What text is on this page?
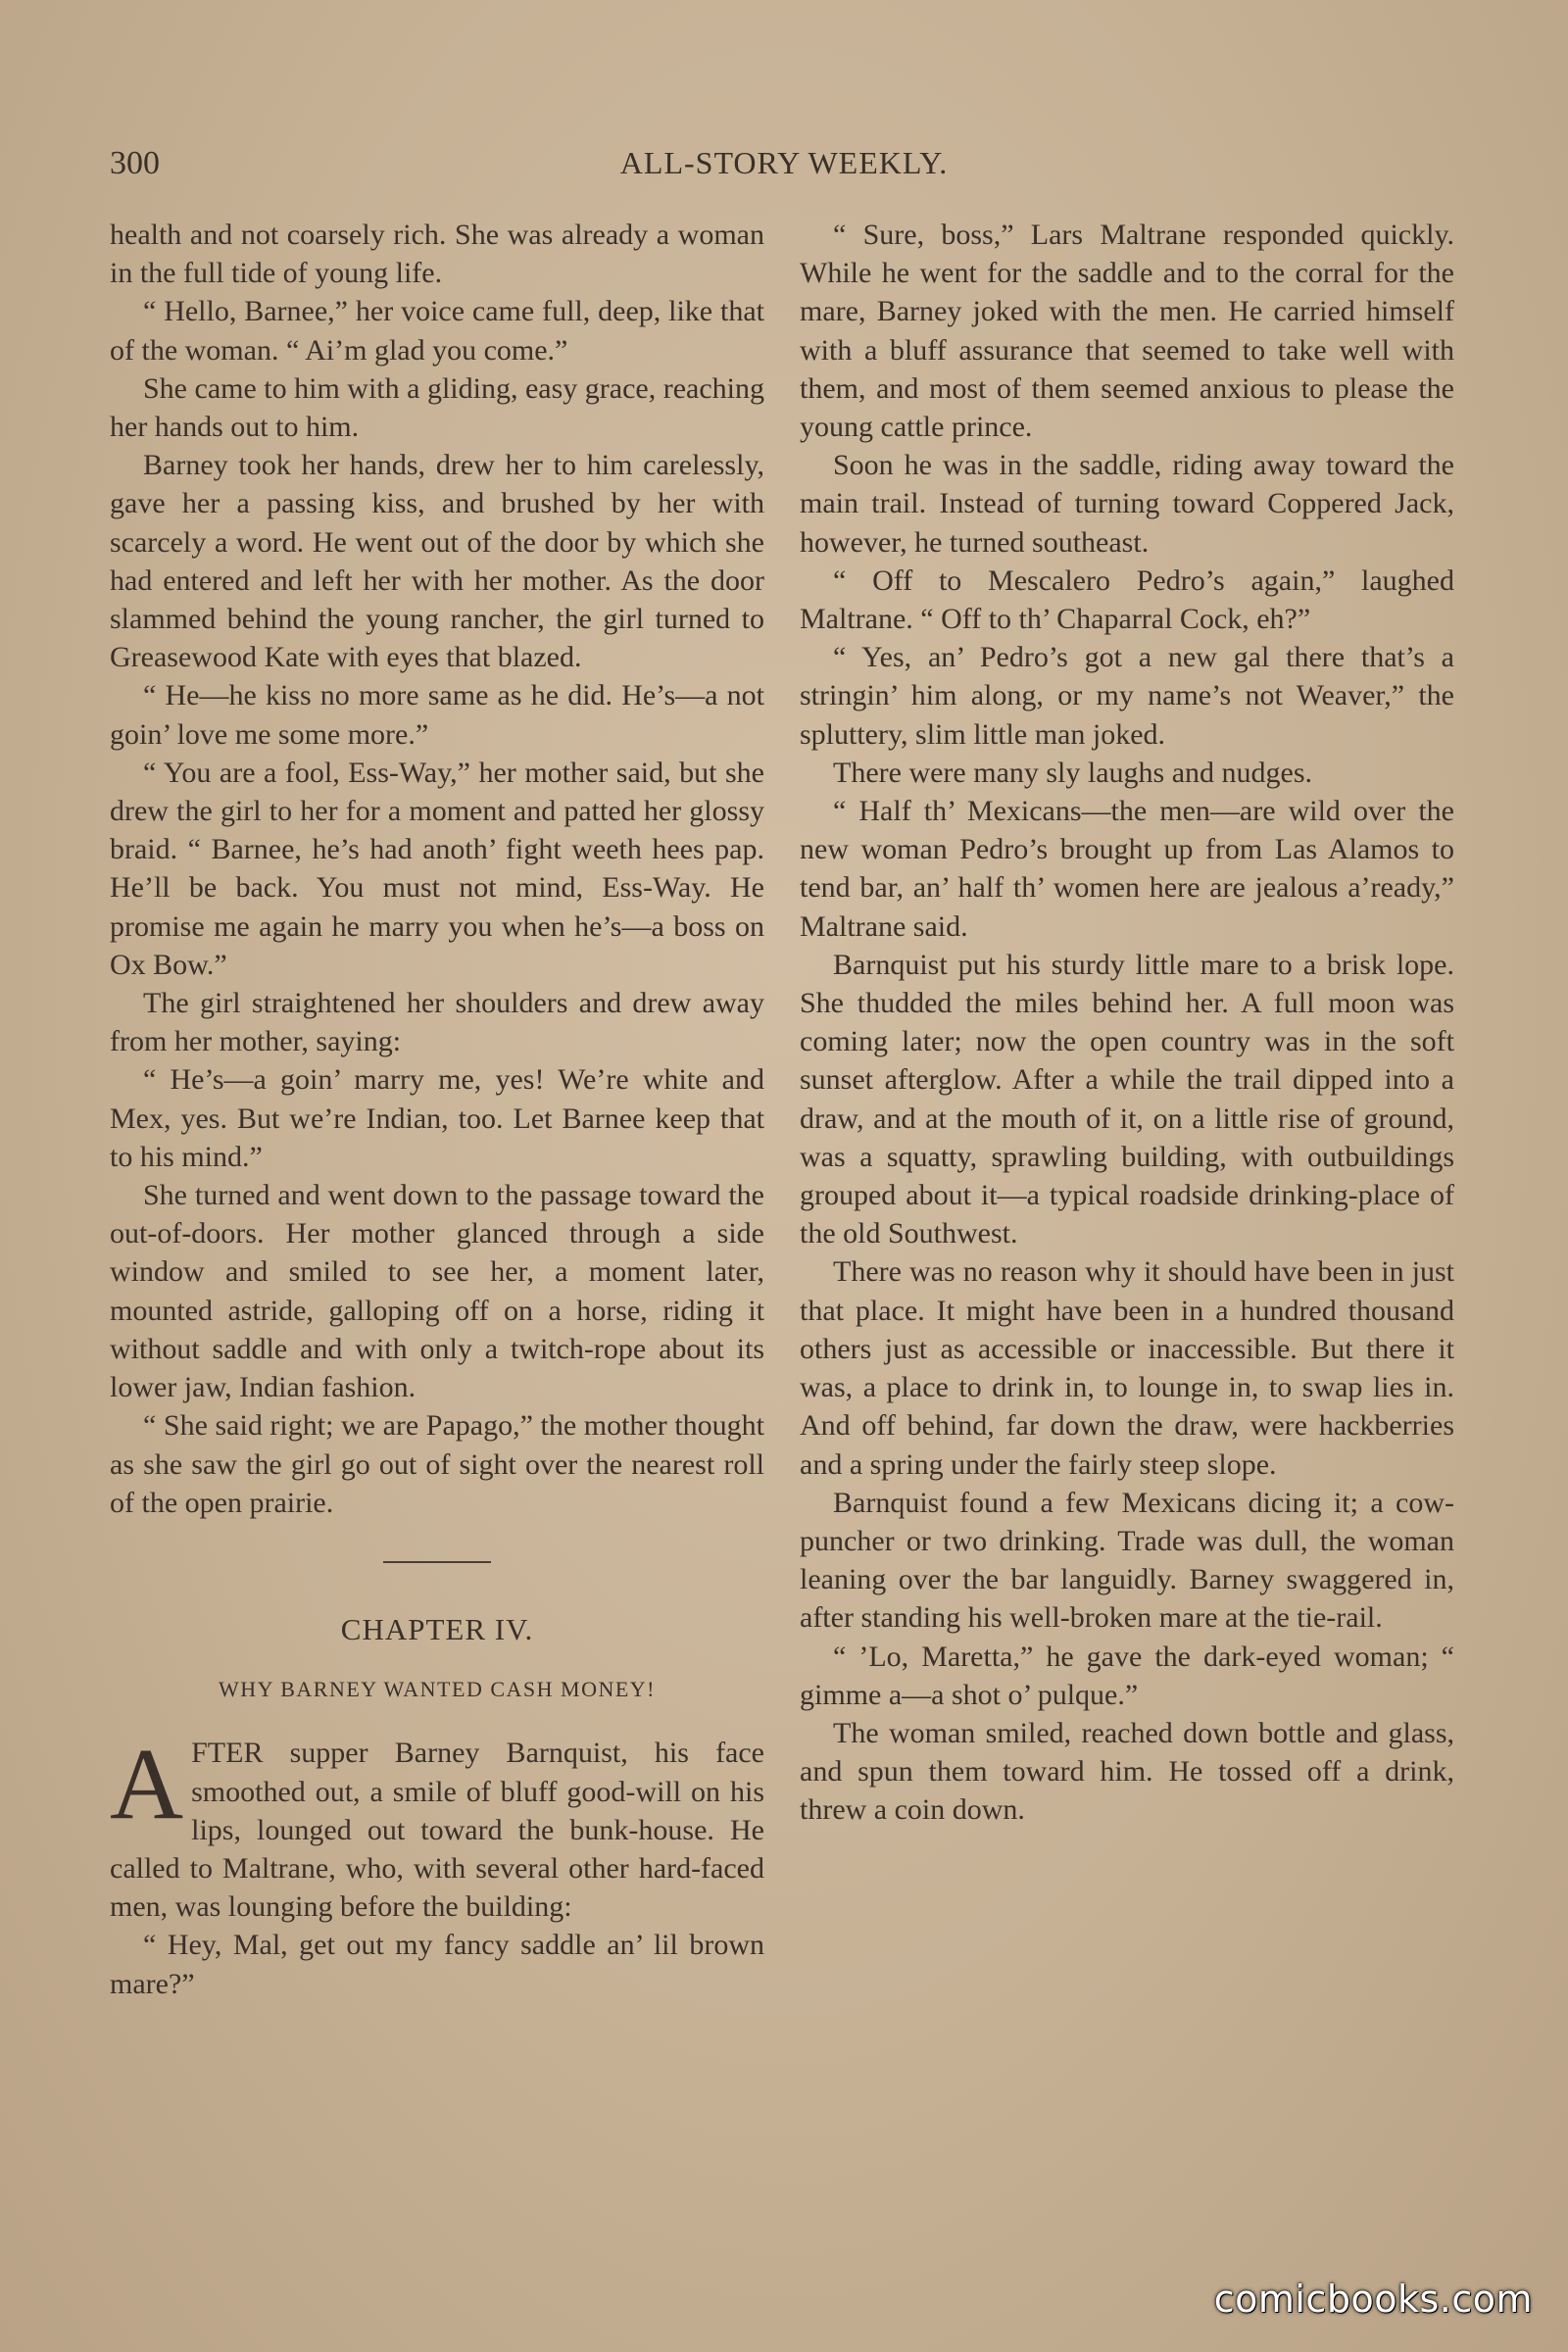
300	ALL-STORY WEEKLY.

health and not coarsely rich. She was already a woman in the full tide of young life.

“ Hello, Barnee,” her voice came full, deep, like that of the woman. “ Ai’m glad you come.”

She came to him with a gliding, easy grace, reaching her hands out to him.

Barney took her hands, drew her to him carelessly, gave her a passing kiss, and brushed by her with scarcely a word. He went out of the door by which she had entered and left her with her mother. As the door slammed behind the young rancher, the girl turned to Greasewood Kate with eyes that blazed.

“ He—he kiss no more same as he did. He’s—a not goin’ love me some more.”

“ You are a fool, Ess-Way,” her mother said, but she drew the girl to her for a moment and patted her glossy braid. “ Barnee, he’s had anoth’ fight weeth hees pap. He’ll be back. You must not mind, Ess-Way. He promise me again he marry you when he’s—a boss on Ox Bow.”

The girl straightened her shoulders and drew away from her mother, saying:

“ He’s—a goin’ marry me, yes! We’re white and Mex, yes. But we’re Indian, too. Let Barnee keep that to his mind.”

She turned and went down to the passage toward the out-of-doors. Her mother glanced through a side window and smiled to see her, a moment later, mounted astride, galloping off on a horse, riding it without saddle and with only a twitch-rope about its lower jaw, Indian fashion.

“ She said right; we are Papago,” the mother thought as she saw the girl go out of sight over the nearest roll of the open prairie.

CHAPTER IV.
WHY BARNEY WANTED CASH MONEY!
A FTER supper Barney Barnquist, his face smoothed out, a smile of bluff good-will on his lips, lounged out toward the bunk-house. He called to Maltrane, who, with several other hard-faced men, was lounging before the building:

“ Hey, Mal, get out my fancy saddle an’ lil brown mare?”

“ Sure, boss,” Lars Maltrane responded quickly. While he went for the saddle and to the corral for the mare, Barney joked with the men. He carried himself with a bluff assurance that seemed to take well with them, and most of them seemed anxious to please the young cattle prince.

Soon he was in the saddle, riding away toward the main trail. Instead of turning toward Coppered Jack, however, he turned southeast.

“ Off to Mescalero Pedro’s again,” laughed Maltrane. “ Off to th’ Chaparral Cock, eh?”

“ Yes, an’ Pedro’s got a new gal there that’s a stringin’ him along, or my name’s not Weaver,” the spluttery, slim little man joked.

There were many sly laughs and nudges.

“ Half th’ Mexicans—the men—are wild over the new woman Pedro’s brought up from Las Alamos to tend bar, an’ half th’ women here are jealous a’ready,” Maltrane said.

Barnquist put his sturdy little mare to a brisk lope. She thudded the miles behind her. A full moon was coming later; now the open country was in the soft sunset afterglow. After a while the trail dipped into a draw, and at the mouth of it, on a little rise of ground, was a squatty, sprawling building, with outbuildings grouped about it—a typical roadside drinking-place of the old Southwest.

There was no reason why it should have been in just that place. It might have been in a hundred thousand others just as accessible or inaccessible. But there it was, a place to drink in, to lounge in, to swap lies in. And off behind, far down the draw, were hackberries and a spring under the fairly steep slope.

Barnquist found a few Mexicans dicing it; a cow-puncher or two drinking. Trade was dull, the woman leaning over the bar languidly. Barney swaggered in, after standing his well-broken mare at the tie-rail.

“ ’Lo, Maretta,” he gave the dark-eyed woman; “ gimme a—a shot o’ pulque.”

The woman smiled, reached down bottle and glass, and spun them toward him. He tossed off a drink, threw a coin down.

comicbooks.com
